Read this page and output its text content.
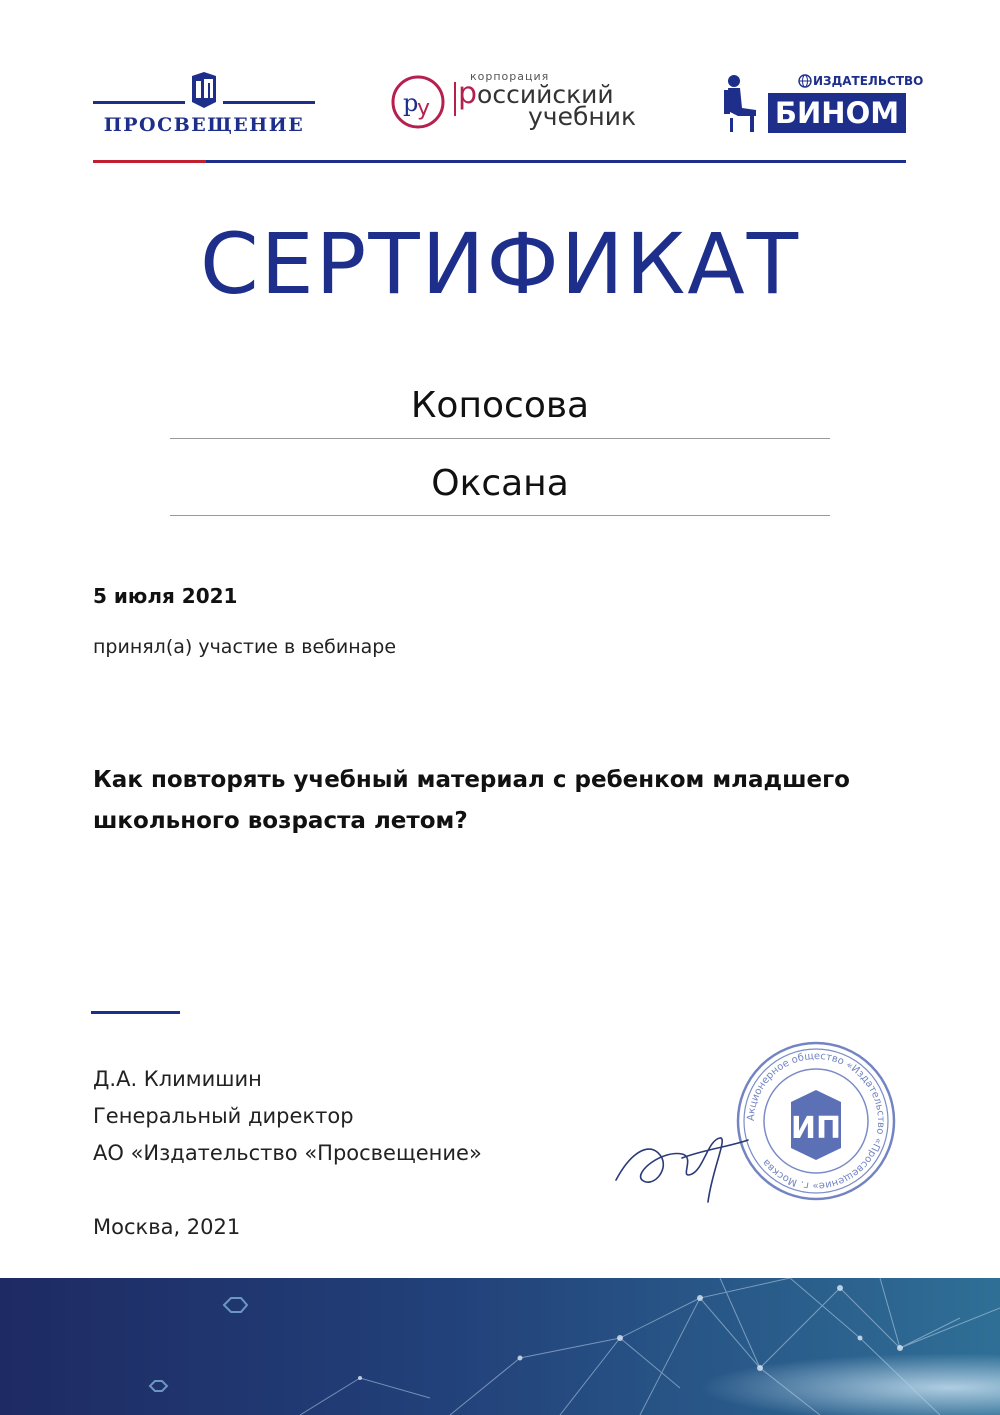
ПРОСВЕЩЕНИЕ
р
у
корпорация
российский
учебник
ИЗДАТЕЛЬСТВО
БИНОМ
СЕРТИФИКАТ
Копосова
Оксана
5 июля 2021
принял(а) участие в вебинаре
Как повторять учебный материал с ребенком младшего школьного возраста летом?
Д.А. Климишин
Генеральный директор
АО «Издательство «Просвещение»
Москва, 2021
Акционерное общество «Издательство «Просвещение» г. Москва
ИП
